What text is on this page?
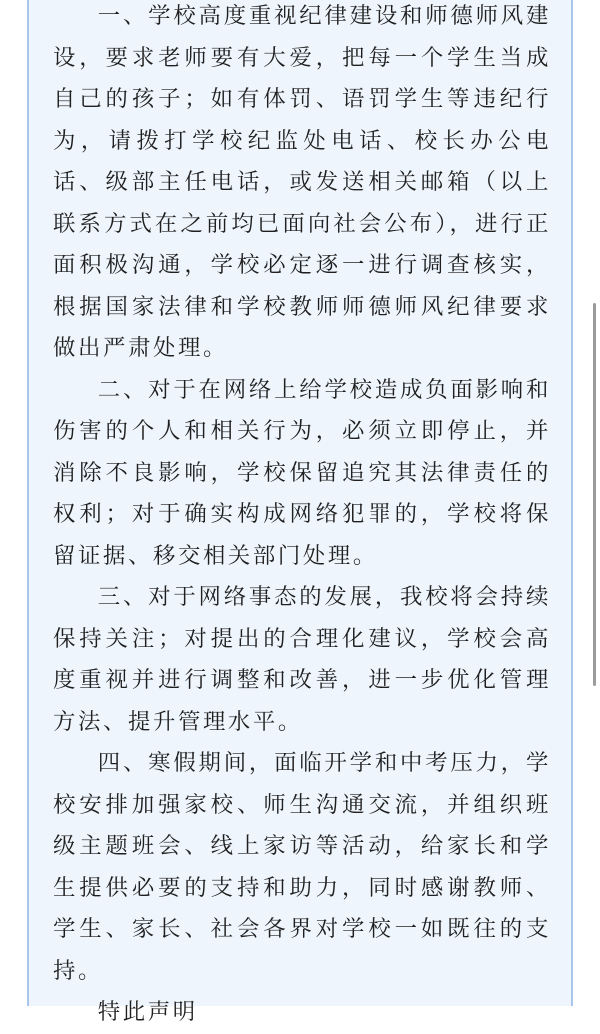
一、学校高度重视纪律建设和师德师风建设，要求老师要有大爱，把每一个学生当成自己的孩子；如有体罚、语罚学生等违纪行为，请拨打学校纪监处电话、校长办公电话、级部主任电话，或发送相关邮箱（以上联系方式在之前均已面向社会公布），进行正面积极沟通，学校必定逐一进行调查核实，根据国家法律和学校教师师德师风纪律要求做出严肃处理。

二、对于在网络上给学校造成负面影响和伤害的个人和相关行为，必须立即停止，并消除不良影响，学校保留追究其法律责任的权利；对于确实构成网络犯罪的，学校将保留证据、移交相关部门处理。

三、对于网络事态的发展，我校将会持续保持关注；对提出的合理化建议，学校会高度重视并进行调整和改善，进一步优化管理方法、提升管理水平。

四、寒假期间，面临开学和中考压力，学校安排加强家校、师生沟通交流，并组织班级主题班会、线上家访等活动，给家长和学生提供必要的支持和助力，同时感谢教师、学生、家长、社会各界对学校一如既往的支持。

特此声明
